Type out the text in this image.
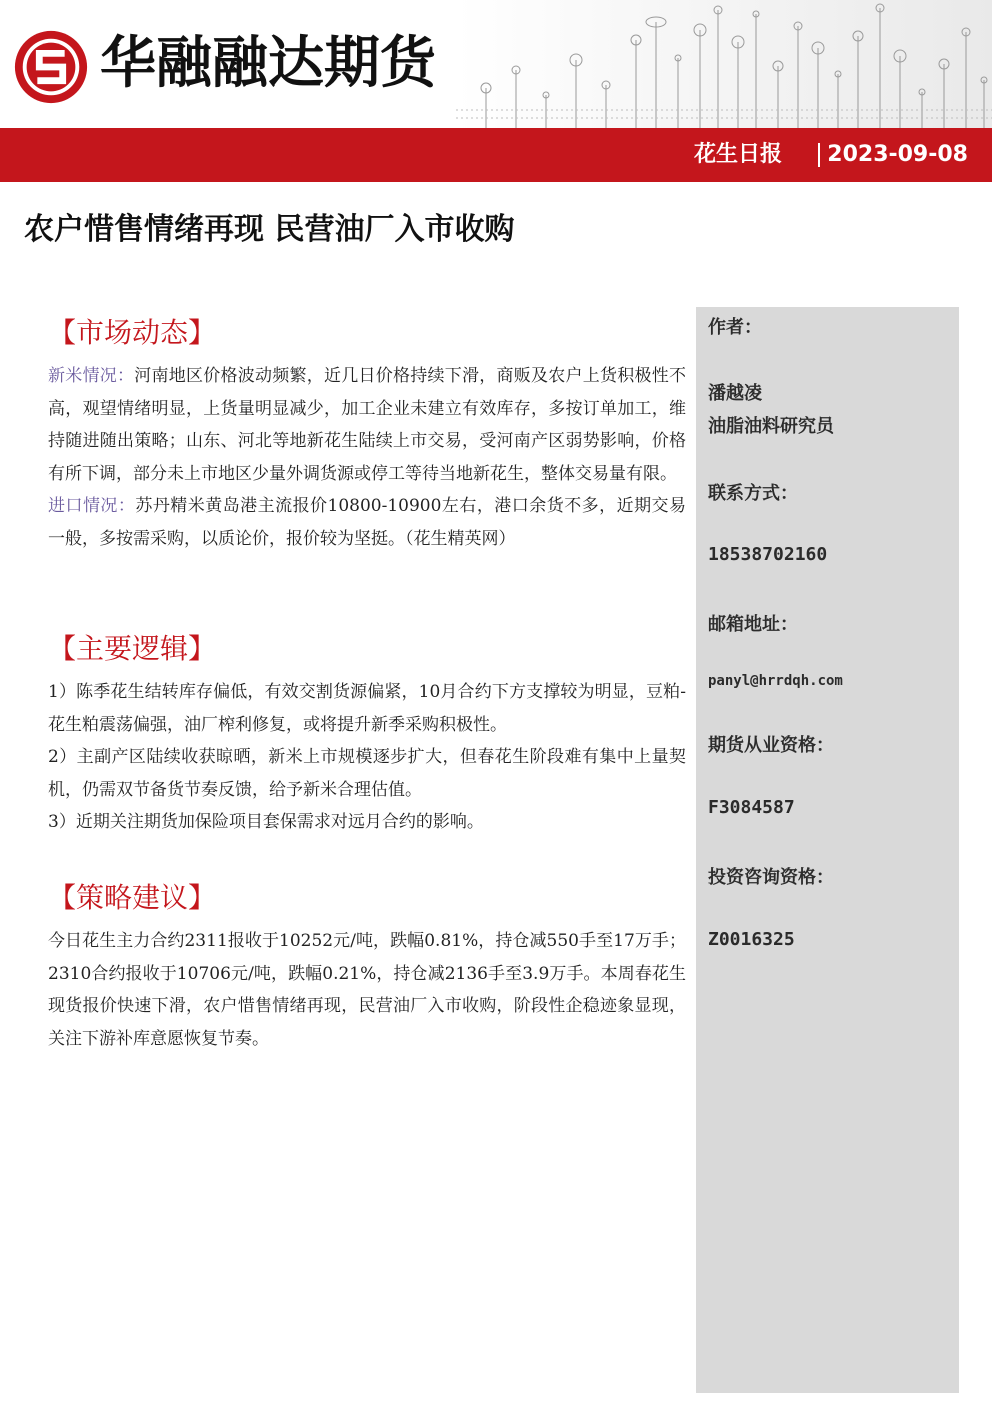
华融融达期货
花生日报 2023-09-08
农户惜售情绪再现 民营油厂入市收购
【市场动态】

新米情况：河南地区价格波动频繁，近几日价格持续下滑，商贩及农户上货积极性不高，观望情绪明显，上货量明显减少，加工企业未建立有效库存，多按订单加工，维持随进随出策略；山东、河北等地新花生陆续上市交易，受河南产区弱势影响，价格有所下调，部分未上市地区少量外调货源或停工等待当地新花生，整体交易量有限。

进口情况：苏丹精米黄岛港主流报价10800-10900左右，港口余货不多，近期交易一般，多按需采购，以质论价，报价较为坚挺。（花生精英网）

【主要逻辑】

1）陈季花生结转库存偏低，有效交割货源偏紧，10月合约下方支撑较为明显，豆粕-花生粕震荡偏强，油厂榨利修复，或将提升新季采购积极性。

2）主副产区陆续收获晾晒，新米上市规模逐步扩大，但春花生阶段难有集中上量契机，仍需双节备货节奏反馈，给予新米合理估值。

3）近期关注期货加保险项目套保需求对远月合约的影响。

【策略建议】

今日花生主力合约2311报收于10252元/吨，跌幅0.81%，持仓减550手至17万手；2310合约报收于10706元/吨，跌幅0.21%，持仓减2136手至3.9万手。本周春花生现货报价快速下滑，农户惜售情绪再现，民营油厂入市收购，阶段性企稳迹象显现，关注下游补库意愿恢复节奏。

作者：
潘越凌
油脂油料研究员
联系方式：
18538702160
邮箱地址：
panyl@hrrdqh.com
期货从业资格：
F3084587
投资咨询资格：
Z0016325
